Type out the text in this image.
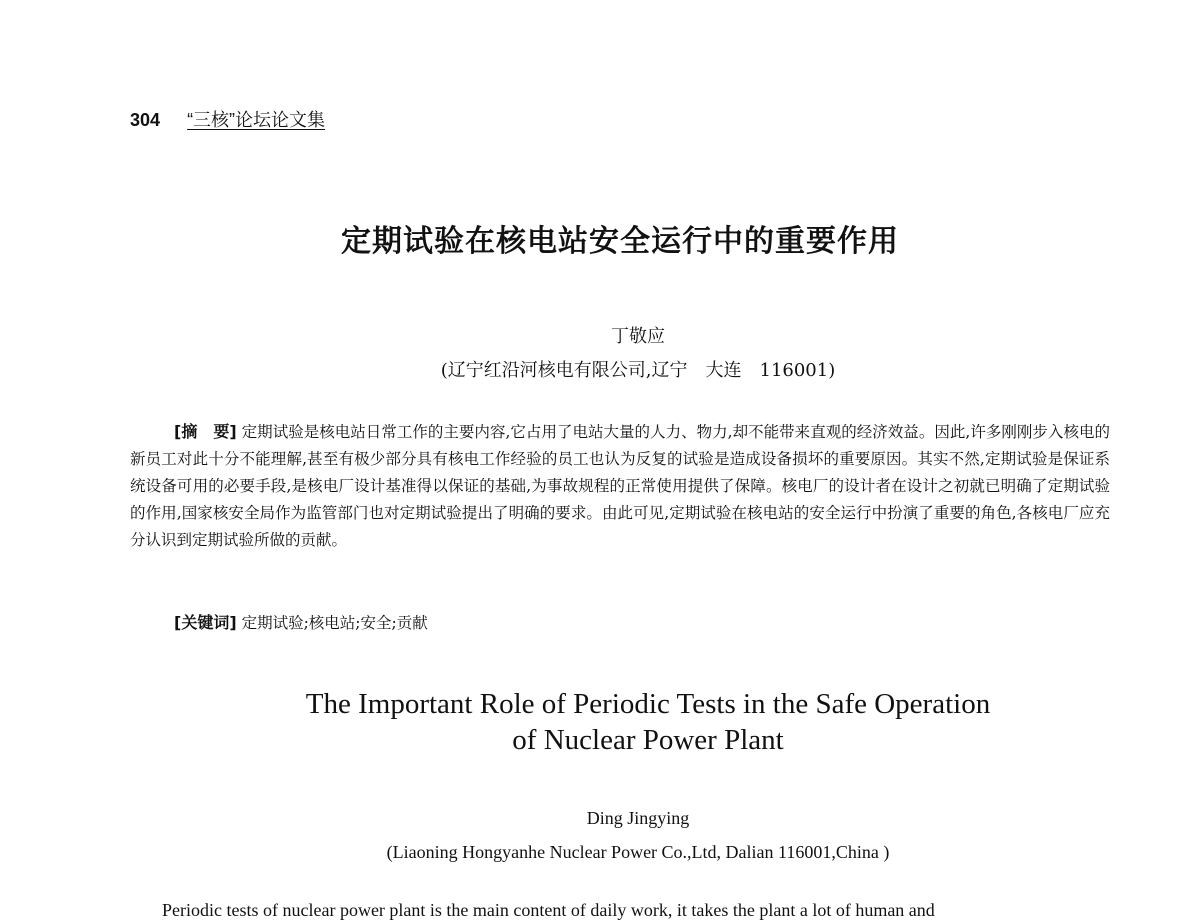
304 “三核”论坛论文集
定期试验在核电站安全运行中的重要作用
丁敬应
(辽宁红沿河核电有限公司,辽宁　大连　116001)

[摘　要] 定期试验是核电站日常工作的主要内容,它占用了电站大量的人力、物力,却不能带来直观的经济效益。因此,许多刚刚步入核电的新员工对此十分不能理解,甚至有极少部分具有核电工作经验的员工也认为反复的试验是造成设备损坏的重要原因。其实不然,定期试验是保证系统设备可用的必要手段,是核电厂设计基准得以保证的基础,为事故规程的正常使用提供了保障。核电厂的设计者在设计之初就已明确了定期试验的作用,国家核安全局作为监管部门也对定期试验提出了明确的要求。由此可见,定期试验在核电站的安全运行中扮演了重要的角色,各核电厂应充分认识到定期试验所做的贡献。

[关键词] 定期试验;核电站;安全;贡献
The Important Role of Periodic Tests in the Safe Operation
of Nuclear Power Plant
Ding Jingying
(Liaoning Hongyanhe Nuclear Power Co.,Ltd, Dalian 116001,China )
Periodic tests of nuclear power plant is the main content of daily work, it takes the plant a lot of human and
